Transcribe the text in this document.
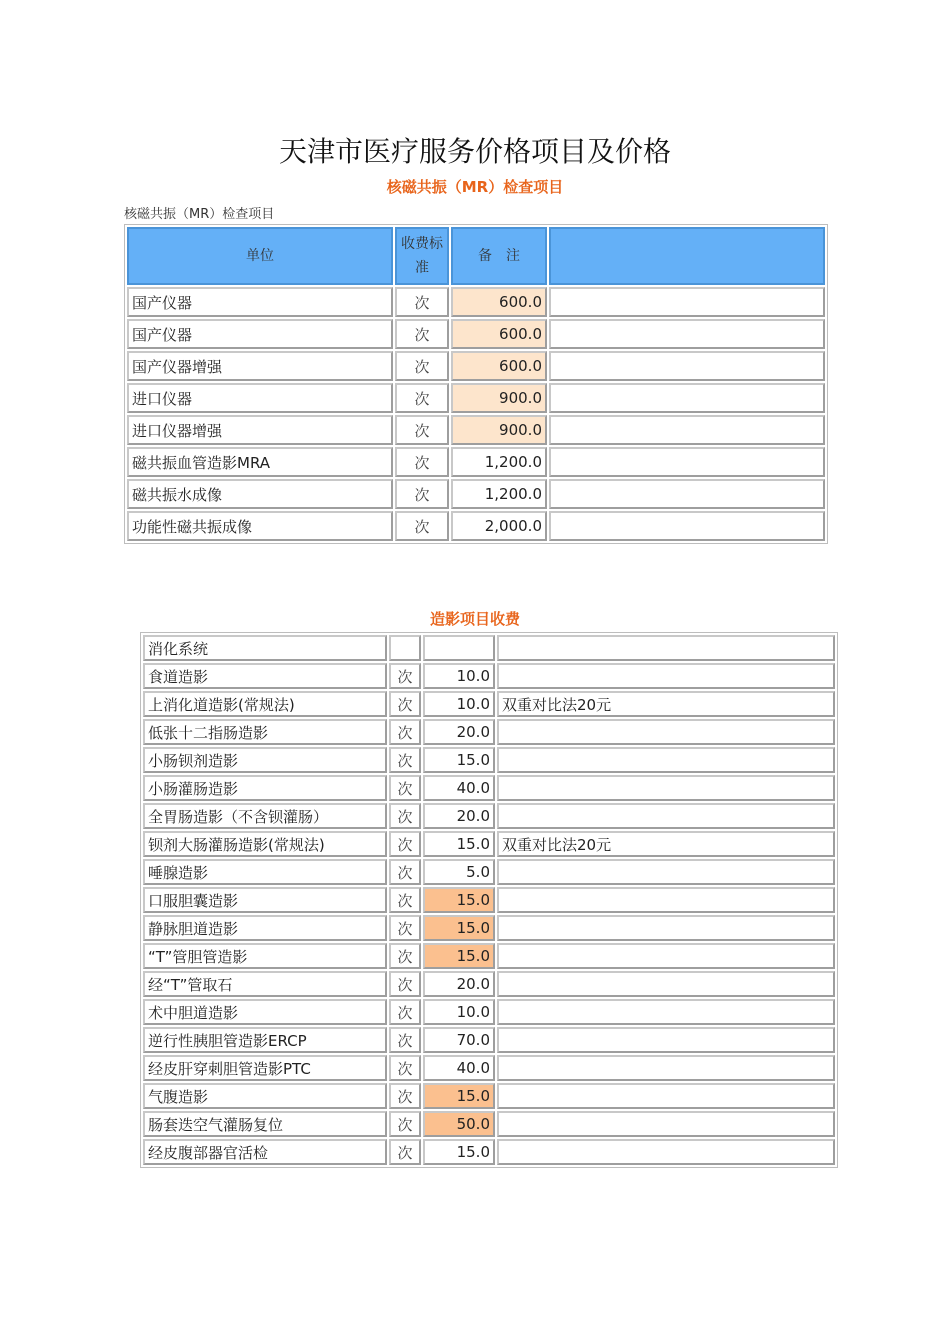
天津市医疗服务价格项目及价格
核磁共振（MR）检查项目
核磁共振（MR）检查项目
单位	收费标准	备　注	
国产仪器	次	600.0	
国产仪器	次	600.0	
国产仪器增强	次	600.0	
进口仪器	次	900.0	
进口仪器增强	次	900.0	
磁共振血管造影MRA	次	1,200.0	
磁共振水成像	次	1,200.0	
功能性磁共振成像	次	2,000.0	
造影项目收费
消化系统			
食道造影	次	10.0	
上消化道造影(常规法)	次	10.0	双重对比法20元
低张十二指肠造影	次	20.0	
小肠钡剂造影	次	15.0	
小肠灌肠造影	次	40.0	
全胃肠造影（不含钡灌肠）	次	20.0	
钡剂大肠灌肠造影(常规法)	次	15.0	双重对比法20元
唾腺造影	次	5.0	
口服胆囊造影	次	15.0	
静脉胆道造影	次	15.0	
“T”管胆管造影	次	15.0	
经“T”管取石	次	20.0	
术中胆道造影	次	10.0	
逆行性胰胆管造影ERCP	次	70.0	
经皮肝穿刺胆管造影PTC	次	40.0	
气腹造影	次	15.0	
肠套迭空气灌肠复位	次	50.0	
经皮腹部器官活检	次	15.0	
